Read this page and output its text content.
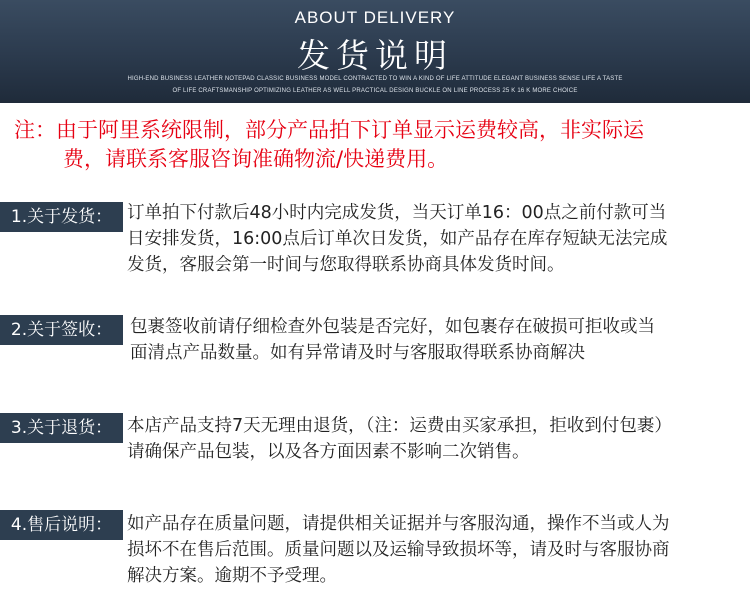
ABOUT DELIVERY
发货说明
HIGH-END BUSINESS LEATHER NOTEPAD CLASSIC BUSINESS MODEL CONTRACTED TO WIN A KIND OF LIFE ATTITUDE ELEGANT BUSINESS SENSE LIFE A TASTE
OF LIFE CRAFTSMANSHIP OPTIMIZING LEATHER AS WELL PRACTICAL DESIGN BUCKLE ON LINE PROCESS 25 K 16 K MORE CHOICE
注：由于阿里系统限制，部分产品拍下订单显示运费较高，非实际运
费，请联系客服咨询准确物流/快递费用。
1.关于发货： 订单拍下付款后48小时内完成发货，当天订单16：00点之前付款可当
日安排发货，16:00点后订单次日发货，如产品存在库存短缺无法完成
发货，客服会第一时间与您取得联系协商具体发货时间。
2.关于签收：	包裹签收前请仔细检查外包装是否完好，如包裹存在破损可拒收或当
面清点产品数量。如有异常请及时与客服取得联系协商解决
3.关于退货： 本店产品支持7天无理由退货，（注：运费由买家承担，拒收到付包裹）
请确保产品包装，以及各方面因素不影响二次销售。
4.售后说明： 如产品存在质量问题，请提供相关证据并与客服沟通，操作不当或人为
损坏不在售后范围。质量问题以及运输导致损坏等，请及时与客服协商
解决方案。逾期不予受理。
